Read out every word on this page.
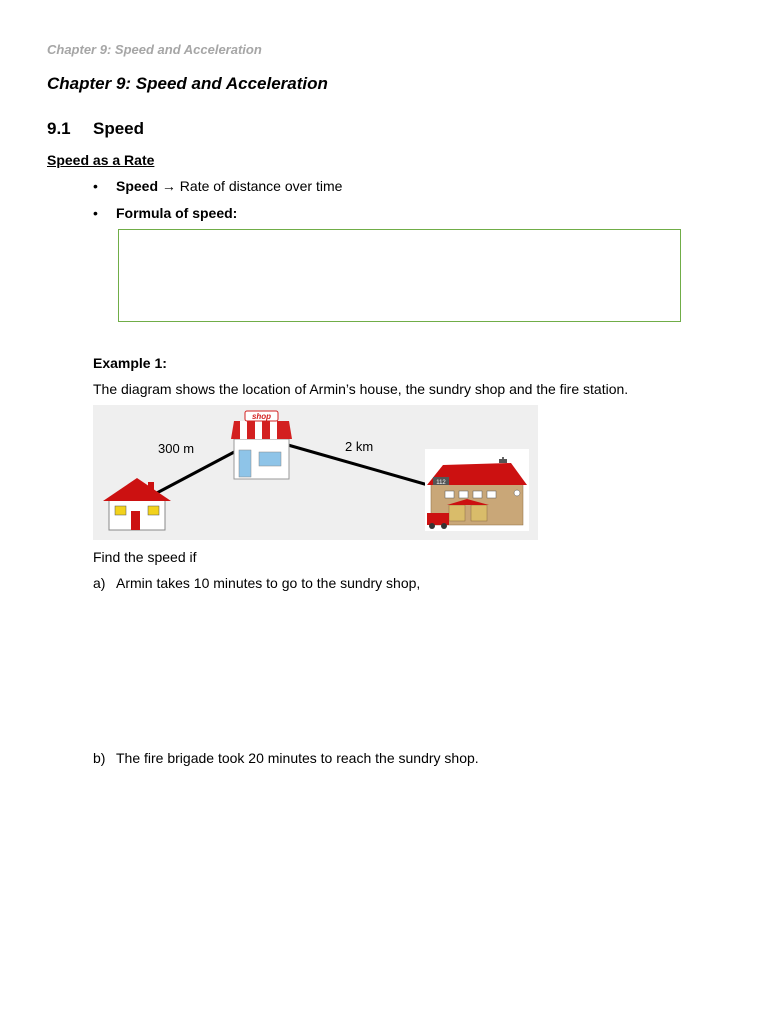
Chapter 9: Speed and Acceleration
Chapter 9: Speed and Acceleration
9.1 Speed
Speed as a Rate
• Speed → Rate of distance over time
• Formula of speed:
Example 1:
The diagram shows the location of Armin’s house, the sundry shop and the fire station.
300 m	2 km
shop
112
Find the speed if
a) Armin takes 10 minutes to go to the sundry shop,
b) The fire brigade took 20 minutes to reach the sundry shop.
